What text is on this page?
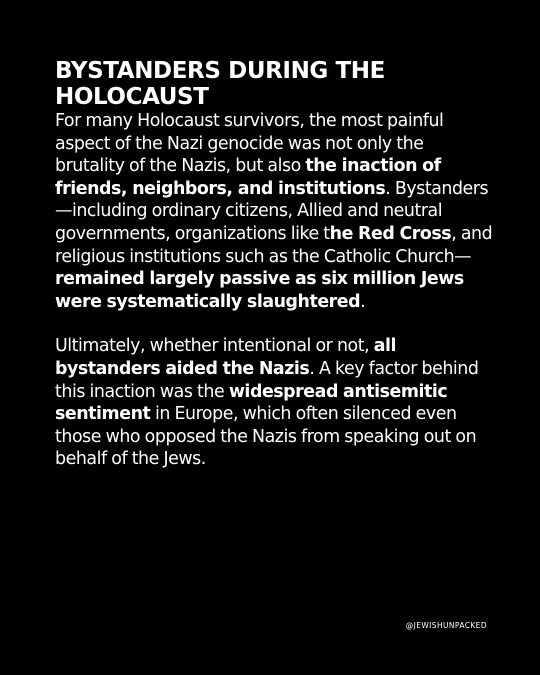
BYSTANDERS DURING THE HOLOCAUST

For many Holocaust survivors, the most painful aspect of the Nazi genocide was not only the brutality of the Nazis, but also the inaction of friends, neighbors, and institutions. Bystanders—including ordinary citizens, Allied and neutral governments, organizations like the Red Cross, and religious institutions such as the Catholic Church— remained largely passive as six million Jews were systematically slaughtered.

Ultimately, whether intentional or not, all bystanders aided the Nazis. A key factor behind this inaction was the widespread antisemitic sentiment in Europe, which often silenced even those who opposed the Nazis from speaking out on behalf of the Jews.

@JEWISHUNPACKED
